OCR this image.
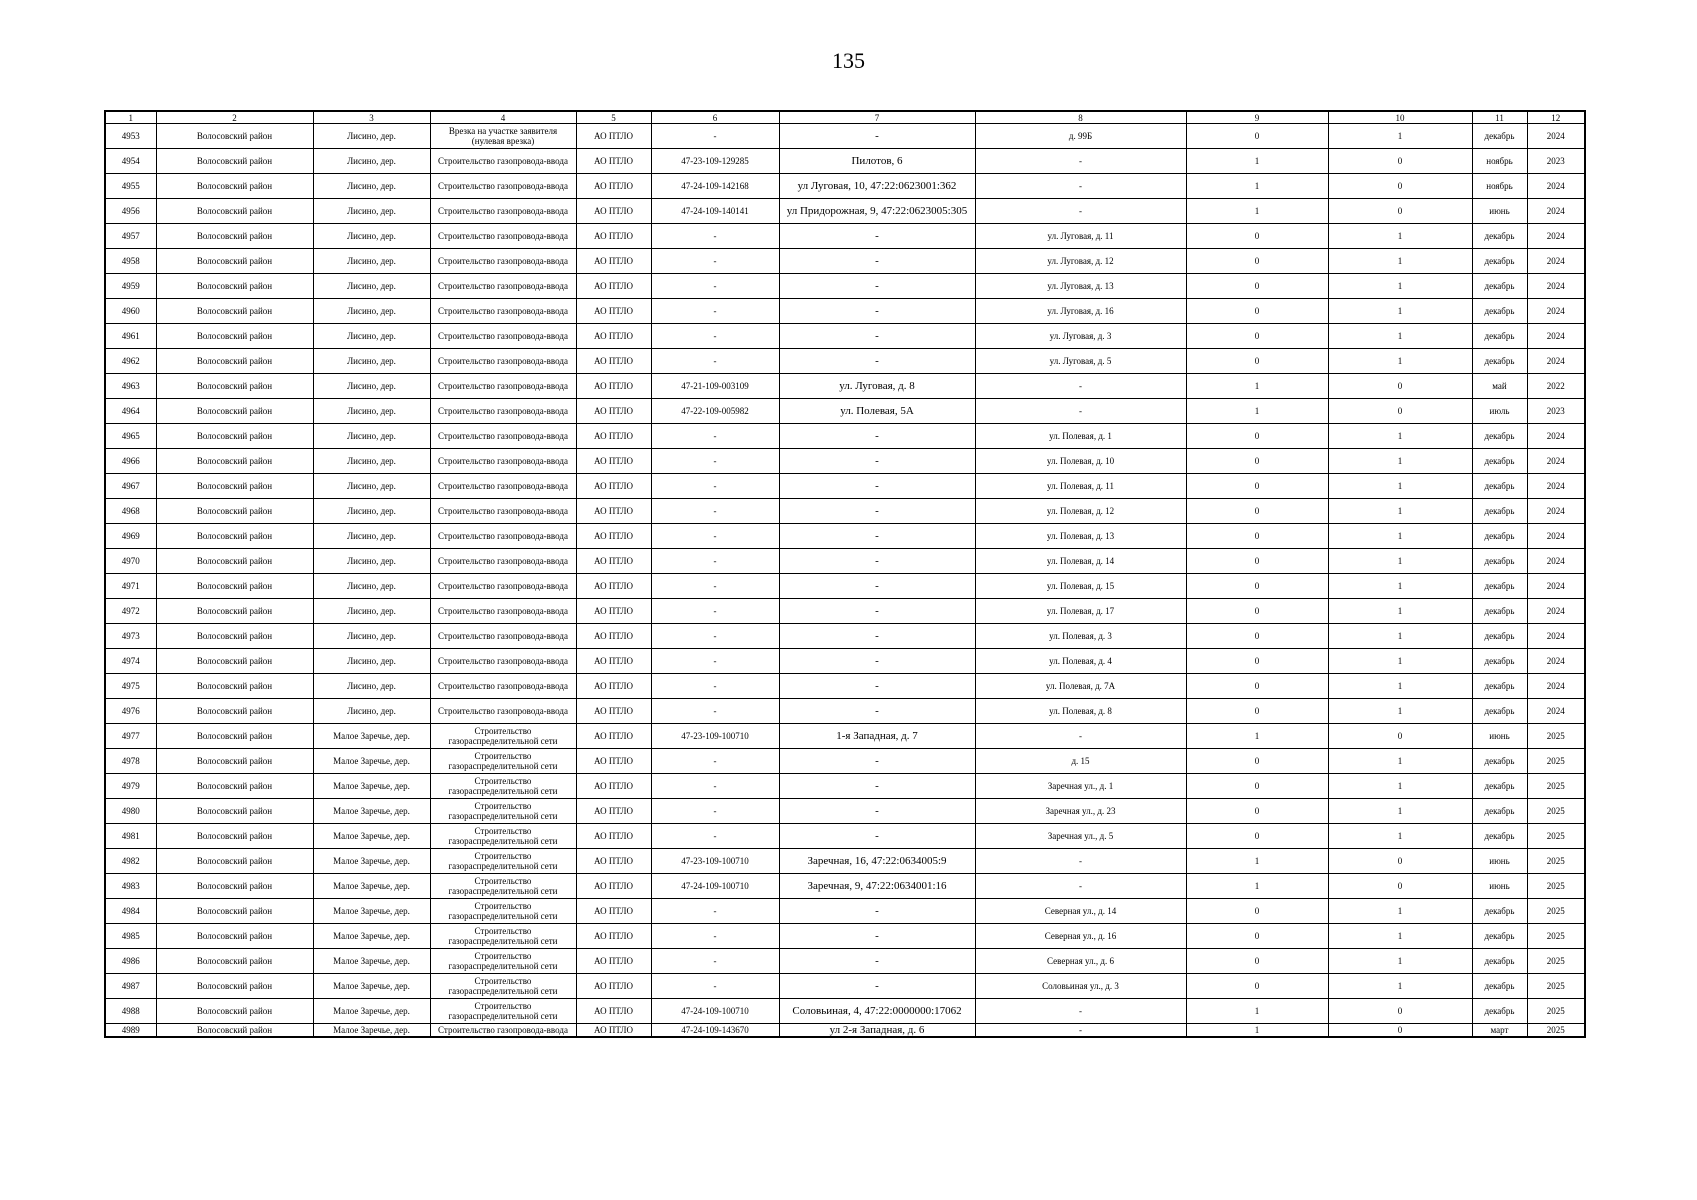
135
1	2	3	4	5	6	7	8	9	10	11	12
4953	Волосовский район	Лисино, дер.	Врезка на участке заявителя (нулевая врезка)	АО ПТЛО	-	-	д. 99Б	0	1	декабрь	2024
4954	Волосовский район	Лисино, дер.	Строительство газопровода-ввода	АО ПТЛО	47-23-109-129285	Пилотов, 6	-	1	0	ноябрь	2023
4955	Волосовский район	Лисино, дер.	Строительство газопровода-ввода	АО ПТЛО	47-24-109-142168	ул Луговая, 10, 47:22:0623001:362	-	1	0	ноябрь	2024
4956	Волосовский район	Лисино, дер.	Строительство газопровода-ввода	АО ПТЛО	47-24-109-140141	ул Придорожная, 9, 47:22:0623005:305	-	1	0	июнь	2024
4957	Волосовский район	Лисино, дер.	Строительство газопровода-ввода	АО ПТЛО	-	-	ул. Луговая, д. 11	0	1	декабрь	2024
4958	Волосовский район	Лисино, дер.	Строительство газопровода-ввода	АО ПТЛО	-	-	ул. Луговая, д. 12	0	1	декабрь	2024
4959	Волосовский район	Лисино, дер.	Строительство газопровода-ввода	АО ПТЛО	-	-	ул. Луговая, д. 13	0	1	декабрь	2024
4960	Волосовский район	Лисино, дер.	Строительство газопровода-ввода	АО ПТЛО	-	-	ул. Луговая, д. 16	0	1	декабрь	2024
4961	Волосовский район	Лисино, дер.	Строительство газопровода-ввода	АО ПТЛО	-	-	ул. Луговая, д. 3	0	1	декабрь	2024
4962	Волосовский район	Лисино, дер.	Строительство газопровода-ввода	АО ПТЛО	-	-	ул. Луговая, д. 5	0	1	декабрь	2024
4963	Волосовский район	Лисино, дер.	Строительство газопровода-ввода	АО ПТЛО	47-21-109-003109	ул. Луговая, д. 8	-	1	0	май	2022
4964	Волосовский район	Лисино, дер.	Строительство газопровода-ввода	АО ПТЛО	47-22-109-005982	ул. Полевая, 5А	-	1	0	июль	2023
4965	Волосовский район	Лисино, дер.	Строительство газопровода-ввода	АО ПТЛО	-	-	ул. Полевая, д. 1	0	1	декабрь	2024
4966	Волосовский район	Лисино, дер.	Строительство газопровода-ввода	АО ПТЛО	-	-	ул. Полевая, д. 10	0	1	декабрь	2024
4967	Волосовский район	Лисино, дер.	Строительство газопровода-ввода	АО ПТЛО	-	-	ул. Полевая, д. 11	0	1	декабрь	2024
4968	Волосовский район	Лисино, дер.	Строительство газопровода-ввода	АО ПТЛО	-	-	ул. Полевая, д. 12	0	1	декабрь	2024
4969	Волосовский район	Лисино, дер.	Строительство газопровода-ввода	АО ПТЛО	-	-	ул. Полевая, д. 13	0	1	декабрь	2024
4970	Волосовский район	Лисино, дер.	Строительство газопровода-ввода	АО ПТЛО	-	-	ул. Полевая, д. 14	0	1	декабрь	2024
4971	Волосовский район	Лисино, дер.	Строительство газопровода-ввода	АО ПТЛО	-	-	ул. Полевая, д. 15	0	1	декабрь	2024
4972	Волосовский район	Лисино, дер.	Строительство газопровода-ввода	АО ПТЛО	-	-	ул. Полевая, д. 17	0	1	декабрь	2024
4973	Волосовский район	Лисино, дер.	Строительство газопровода-ввода	АО ПТЛО	-	-	ул. Полевая, д. 3	0	1	декабрь	2024
4974	Волосовский район	Лисино, дер.	Строительство газопровода-ввода	АО ПТЛО	-	-	ул. Полевая, д. 4	0	1	декабрь	2024
4975	Волосовский район	Лисино, дер.	Строительство газопровода-ввода	АО ПТЛО	-	-	ул. Полевая, д. 7А	0	1	декабрь	2024
4976	Волосовский район	Лисино, дер.	Строительство газопровода-ввода	АО ПТЛО	-	-	ул. Полевая, д. 8	0	1	декабрь	2024
4977	Волосовский район	Малое Заречье, дер.	Строительство газораспределительной сети	АО ПТЛО	47-23-109-100710	1-я Западная, д. 7	-	1	0	июнь	2025
4978	Волосовский район	Малое Заречье, дер.	Строительство газораспределительной сети	АО ПТЛО	-	-	д. 15	0	1	декабрь	2025
4979	Волосовский район	Малое Заречье, дер.	Строительство газораспределительной сети	АО ПТЛО	-	-	Заречная ул., д. 1	0	1	декабрь	2025
4980	Волосовский район	Малое Заречье, дер.	Строительство газораспределительной сети	АО ПТЛО	-	-	Заречная ул., д. 23	0	1	декабрь	2025
4981	Волосовский район	Малое Заречье, дер.	Строительство газораспределительной сети	АО ПТЛО	-	-	Заречная ул., д. 5	0	1	декабрь	2025
4982	Волосовский район	Малое Заречье, дер.	Строительство газораспределительной сети	АО ПТЛО	47-23-109-100710	Заречная, 16, 47:22:0634005:9	-	1	0	июнь	2025
4983	Волосовский район	Малое Заречье, дер.	Строительство газораспределительной сети	АО ПТЛО	47-24-109-100710	Заречная, 9, 47:22:0634001:16	-	1	0	июнь	2025
4984	Волосовский район	Малое Заречье, дер.	Строительство газораспределительной сети	АО ПТЛО	-	-	Северная ул., д. 14	0	1	декабрь	2025
4985	Волосовский район	Малое Заречье, дер.	Строительство газораспределительной сети	АО ПТЛО	-	-	Северная ул., д. 16	0	1	декабрь	2025
4986	Волосовский район	Малое Заречье, дер.	Строительство газораспределительной сети	АО ПТЛО	-	-	Северная ул., д. 6	0	1	декабрь	2025
4987	Волосовский район	Малое Заречье, дер.	Строительство газораспределительной сети	АО ПТЛО	-	-	Соловьиная ул., д. 3	0	1	декабрь	2025
4988	Волосовский район	Малое Заречье, дер.	Строительство газораспределительной сети	АО ПТЛО	47-24-109-100710	Соловьиная, 4, 47:22:0000000:17062	-	1	0	декабрь	2025
4989	Волосовский район	Малое Заречье, дер.	Строительство газопровода-ввода	АО ПТЛО	47-24-109-143670	ул 2-я Западная, д. 6	-	1	0	март	2025
